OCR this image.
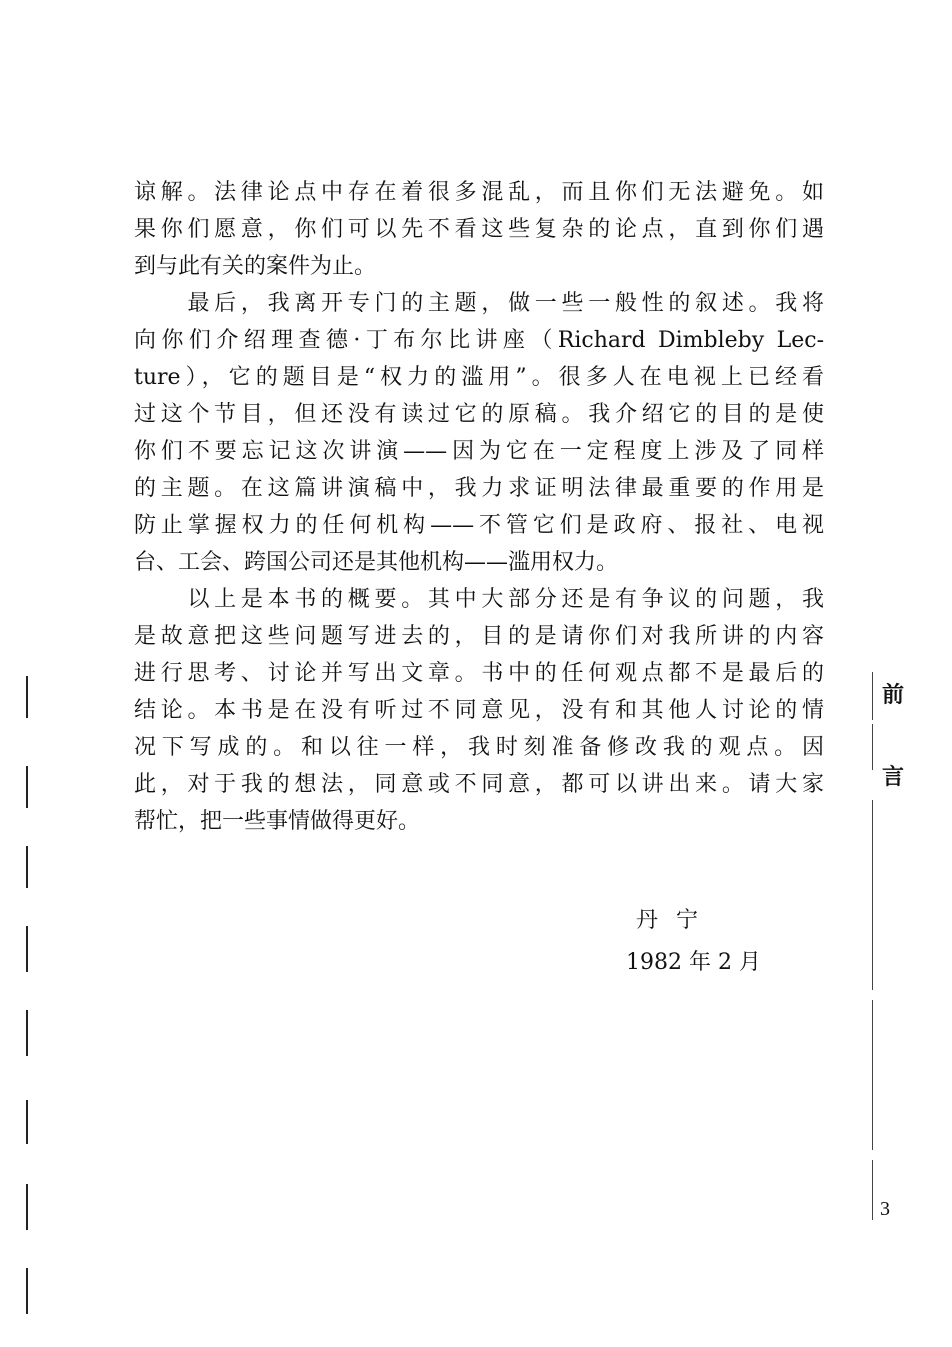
谅解。法律论点中存在着很多混乱，而且你们无法避免。如
果你们愿意，你们可以先不看这些复杂的论点，直到你们遇
到与此有关的案件为止。
　　最后，我离开专门的主题，做一些一般性的叙述。我将
向你们介绍理查德·丁布尔比讲座（Richard Dimbleby Lec-
ture），它的题目是“权力的滥用”。很多人在电视上已经看
过这个节目，但还没有读过它的原稿。我介绍它的目的是使
你们不要忘记这次讲演——因为它在一定程度上涉及了同样
的主题。在这篇讲演稿中，我力求证明法律最重要的作用是
防止掌握权力的任何机构——不管它们是政府、报社、电视
台、工会、跨国公司还是其他机构——滥用权力。
　　以上是本书的概要。其中大部分还是有争议的问题，我
是故意把这些问题写进去的，目的是请你们对我所讲的内容
进行思考、讨论并写出文章。书中的任何观点都不是最后的
结论。本书是在没有听过不同意见，没有和其他人讨论的情
况下写成的。和以往一样，我时刻准备修改我的观点。因
此，对于我的想法，同意或不同意，都可以讲出来。请大家
帮忙，把一些事情做得更好。
丹宁
1982 年 2 月
前
言
3
